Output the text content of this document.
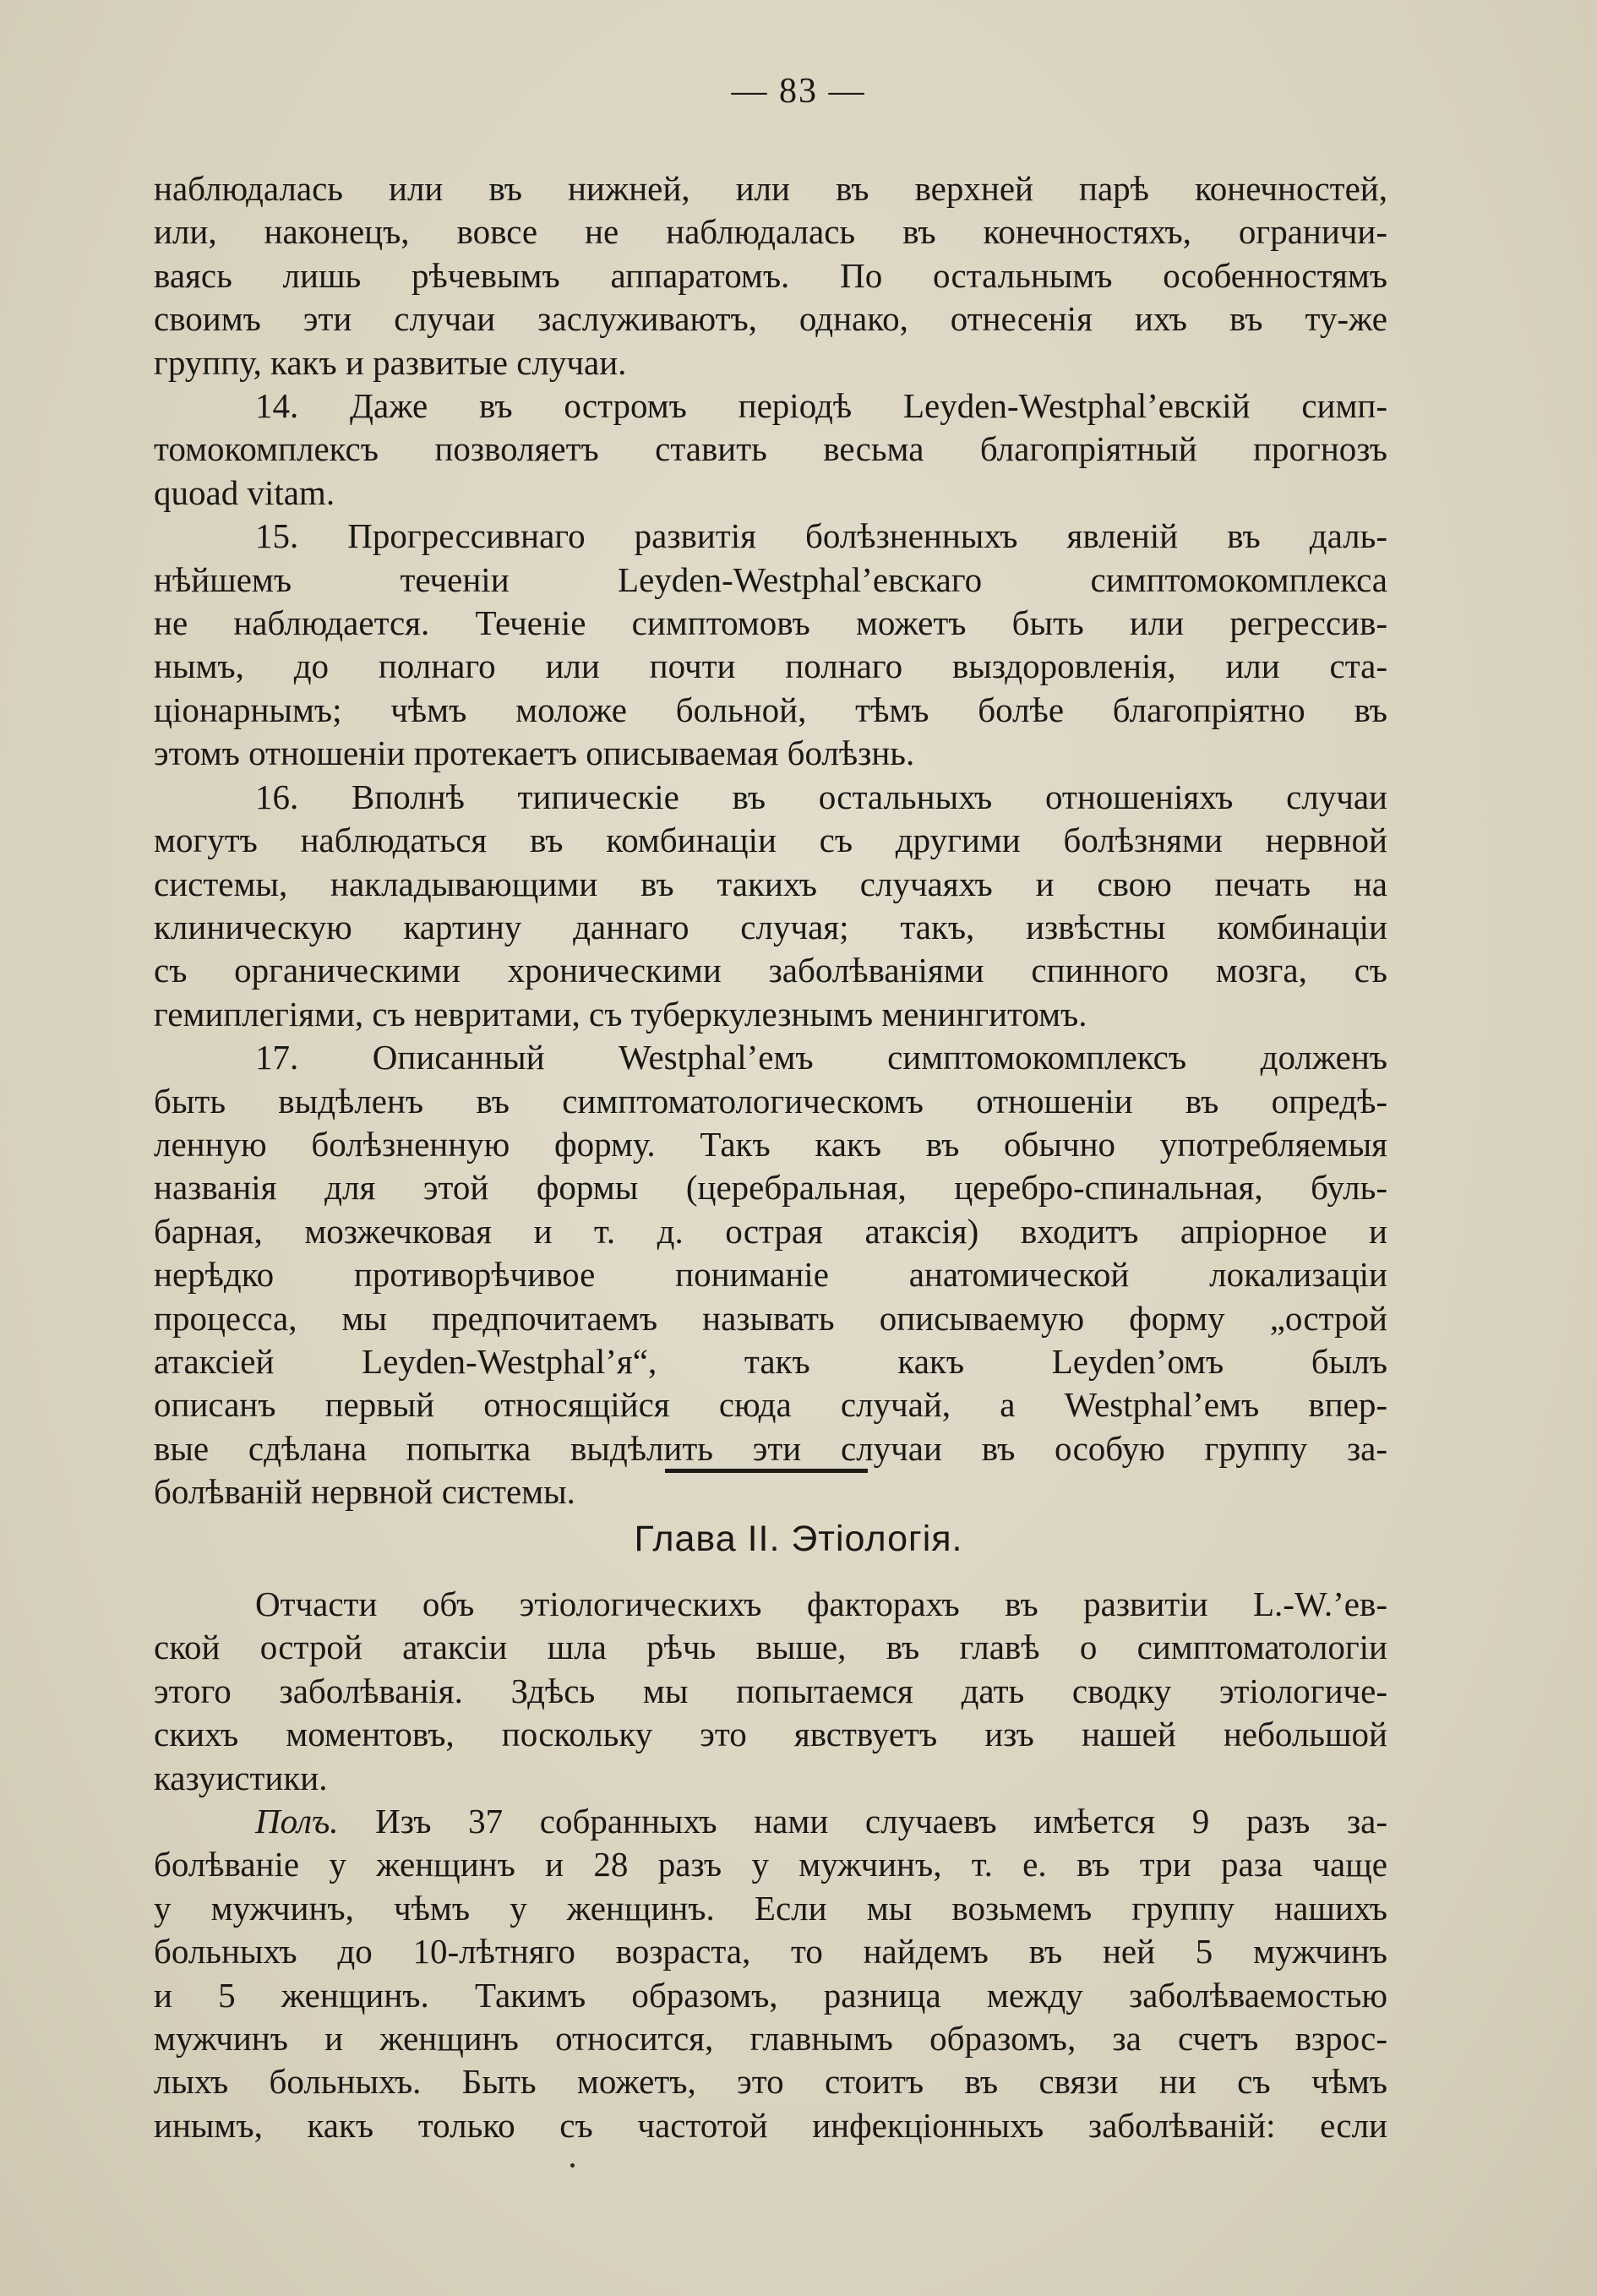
— 83 —
наблюдалась или въ нижней, или въ верхней парѣ конечностей,
или, наконецъ, вовсе не наблюдалась въ конечностяхъ, ограничи-
ваясь лишь рѣчевымъ аппаратомъ. По остальнымъ особенностямъ
своимъ эти случаи заслуживаютъ, однако, отнесенія ихъ въ ту-же
группу, какъ и развитые случаи.
14. Даже въ остромъ періодѣ Leyden-Westphal’евскій симп-
томокомплексъ позволяетъ ставить весьма благопріятный прогнозъ
quoad vitam.
15. Прогрессивнаго развитія болѣзненныхъ явленій въ даль-
нѣйшемъ теченіи Leyden-Westphal’евскаго симптомокомплекса
не наблюдается. Теченіе симптомовъ можетъ быть или регрессив-
нымъ, до полнаго или почти полнаго выздоровленія, или ста-
ціонарнымъ; чѣмъ моложе больной, тѣмъ болѣе благопріятно въ
этомъ отношеніи протекаетъ описываемая болѣзнь.
16. Вполнѣ типическіе въ остальныхъ отношеніяхъ случаи
могутъ наблюдаться въ комбинаціи съ другими болѣзнями нервной
системы, накладывающими въ такихъ случаяхъ и свою печать на
клиническую картину даннаго случая; такъ, извѣстны комбинаціи
съ органическими хроническими заболѣваніями спинного мозга, съ
гемиплегіями, съ невритами, съ туберкулезнымъ менингитомъ.
17. Описанный Westphal’емъ симптомокомплексъ долженъ
быть выдѣленъ въ симптоматологическомъ отношеніи въ опредѣ-
ленную болѣзненную форму. Такъ какъ въ обычно употребляемыя
названія для этой формы (церебральная, церебро-спинальная, буль-
барная, мозжечковая и т. д. острая атаксія) входитъ апріорное и
нерѣдко противорѣчивое пониманіе анатомической локализаціи
процесса, мы предпочитаемъ называть описываемую форму „острой
атаксіей Leyden-Westphal’я“, такъ какъ Leyden’омъ былъ
описанъ первый относящійся сюда случай, а Westphal’емъ впер-
вые сдѣлана попытка выдѣлить эти случаи въ особую группу за-
болѣваній нервной системы.
Глава II. Этіологія.
Отчасти объ этіологическихъ факторахъ въ развитіи L.-W.’ев-
ской острой атаксіи шла рѣчь выше, въ главѣ о симптоматологіи
этого заболѣванія. Здѣсь мы попытаемся дать сводку этіологиче-
скихъ моментовъ, поскольку это явствуетъ изъ нашей небольшой
казуистики.
Полъ. Изъ 37 собранныхъ нами случаевъ имѣется 9 разъ за-
болѣваніе у женщинъ и 28 разъ у мужчинъ, т. е. въ три раза чаще
у мужчинъ, чѣмъ у женщинъ. Если мы возьмемъ группу нашихъ
больныхъ до 10-лѣтняго возраста, то найдемъ въ ней 5 мужчинъ
и 5 женщинъ. Такимъ образомъ, разница между заболѣваемостью
мужчинъ и женщинъ относится, главнымъ образомъ, за счетъ взрос-
лыхъ больныхъ. Быть можетъ, это стоитъ въ связи ни съ чѣмъ
инымъ, какъ только съ частотой инфекціонныхъ заболѣваній: если
